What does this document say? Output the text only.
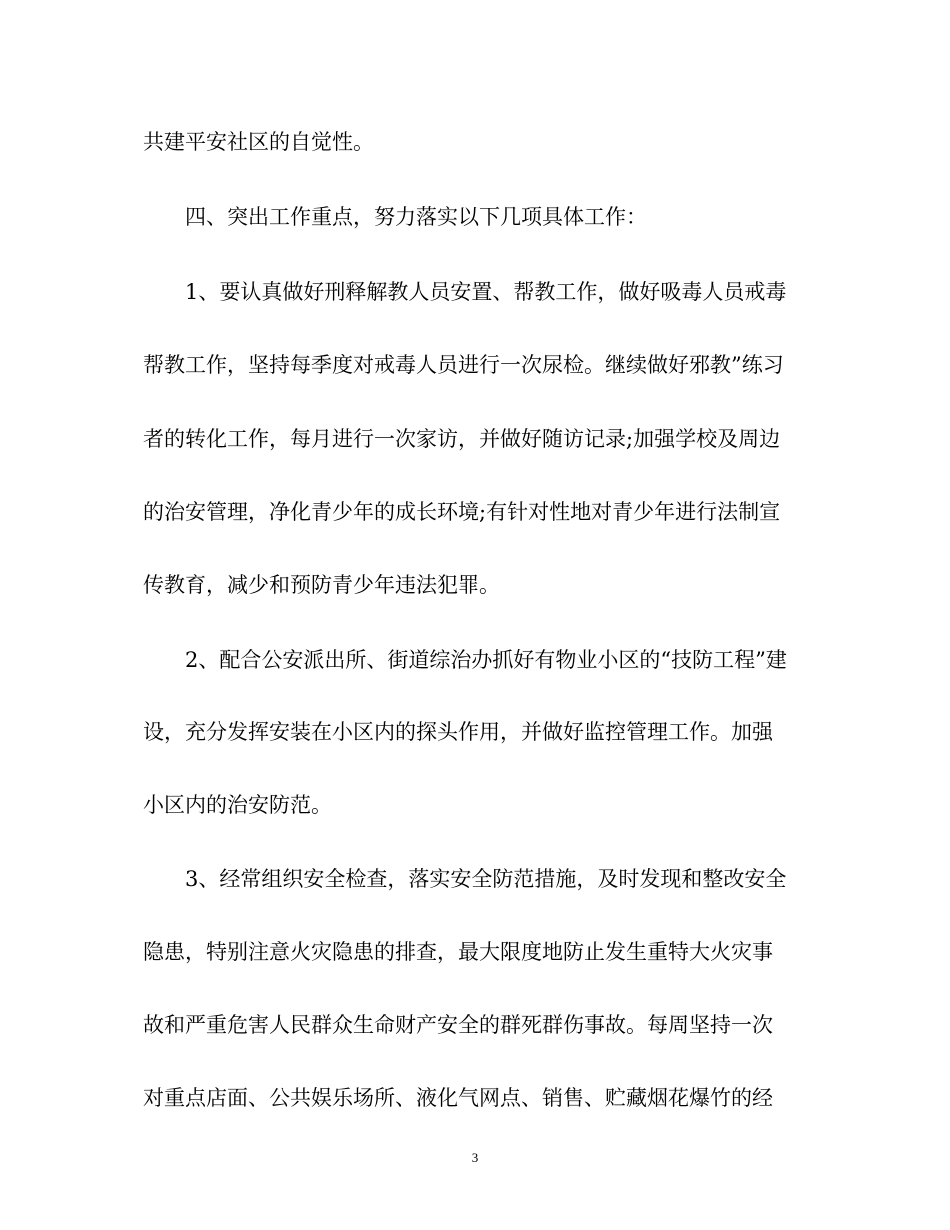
共建平安社区的自觉性。
　　四、突出工作重点，努力落实以下几项具体工作：
　　1、要认真做好刑释解教人员安置、帮教工作，做好吸毒人员戒毒
帮教工作，坚持每季度对戒毒人员进行一次尿检。继续做好邪教”练习
者的转化工作，每月进行一次家访，并做好随访记录;加强学校及周边
的治安管理，净化青少年的成长环境;有针对性地对青少年进行法制宣
传教育，减少和预防青少年违法犯罪。
　　2、配合公安派出所、街道综治办抓好有物业小区的“技防工程”建
设，充分发挥安装在小区内的探头作用，并做好监控管理工作。加强
小区内的治安防范。
　　3、经常组织安全检查，落实安全防范措施，及时发现和整改安全
隐患，特别注意火灾隐患的排查，最大限度地防止发生重特大火灾事
故和严重危害人民群众生命财产安全的群死群伤事故。每周坚持一次
对重点店面、公共娱乐场所、液化气网点、销售、贮藏烟花爆竹的经
3
